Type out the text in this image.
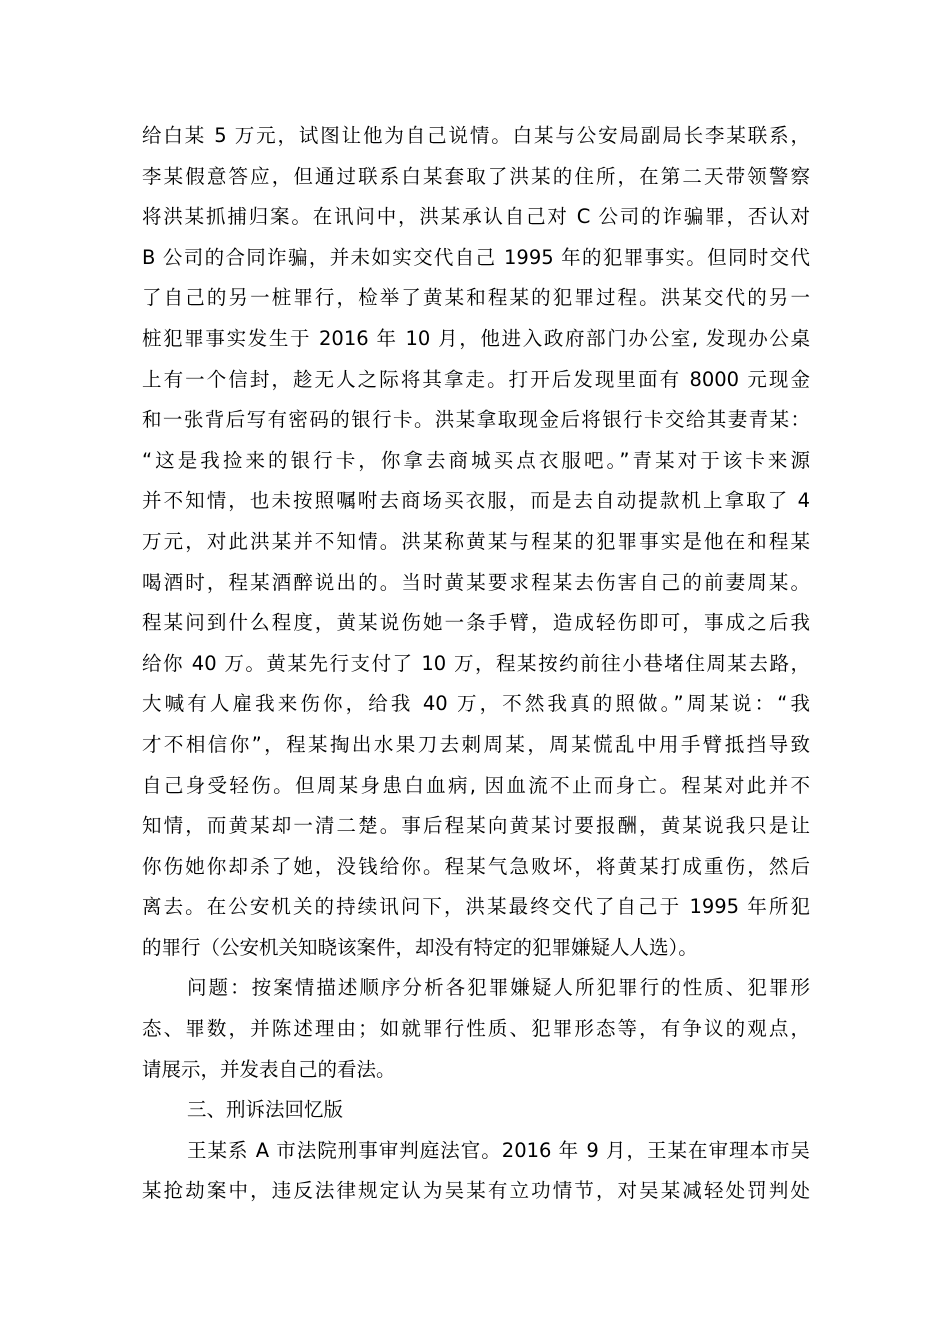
给白某 5 万元，试图让他为自己说情。白某与公安局副局长李某联系，
李某假意答应，但通过联系白某套取了洪某的住所，在第二天带领警察
将洪某抓捕归案。在讯问中，洪某承认自己对 C 公司的诈骗罪，否认对
B 公司的合同诈骗，并未如实交代自己 1995 年的犯罪事实。但同时交代
了自己的另一桩罪行，检举了黄某和程某的犯罪过程。洪某交代的另一
桩犯罪事实发生于 2016 年 10 月，他进入政府部门办公室, 发现办公桌
上有一个信封，趁无人之际将其拿走。打开后发现里面有 8000 元现金
和一张背后写有密码的银行卡。洪某拿取现金后将银行卡交给其妻青某：
“这是我捡来的银行卡，你拿去商城买点衣服吧。”青某对于该卡来源
并不知情，也未按照嘱咐去商场买衣服，而是去自动提款机上拿取了 4
万元，对此洪某并不知情。洪某称黄某与程某的犯罪事实是他在和程某
喝酒时，程某酒醉说出的。当时黄某要求程某去伤害自己的前妻周某。
程某问到什么程度，黄某说伤她一条手臂，造成轻伤即可，事成之后我
给你 40 万。黄某先行支付了 10 万，程某按约前往小巷堵住周某去路，
大喊有人雇我来伤你，给我 40 万，不然我真的照做。”周某说：“我
才不相信你”，程某掏出水果刀去刺周某，周某慌乱中用手臂抵挡导致
自己身受轻伤。但周某身患白血病, 因血流不止而身亡。程某对此并不
知情，而黄某却一清二楚。事后程某向黄某讨要报酬，黄某说我只是让
你伤她你却杀了她，没钱给你。程某气急败坏，将黄某打成重伤，然后
离去。在公安机关的持续讯问下，洪某最终交代了自己于 1995 年所犯
的罪行（公安机关知晓该案件，却没有特定的犯罪嫌疑人人选）。
问题：按案情描述顺序分析各犯罪嫌疑人所犯罪行的性质、犯罪形
态、罪数，并陈述理由；如就罪行性质、犯罪形态等，有争议的观点，
请展示，并发表自己的看法。
三、刑诉法回忆版
王某系 A 市法院刑事审判庭法官。2016 年 9 月，王某在审理本市吴
某抢劫案中，违反法律规定认为吴某有立功情节，对吴某减轻处罚判处
